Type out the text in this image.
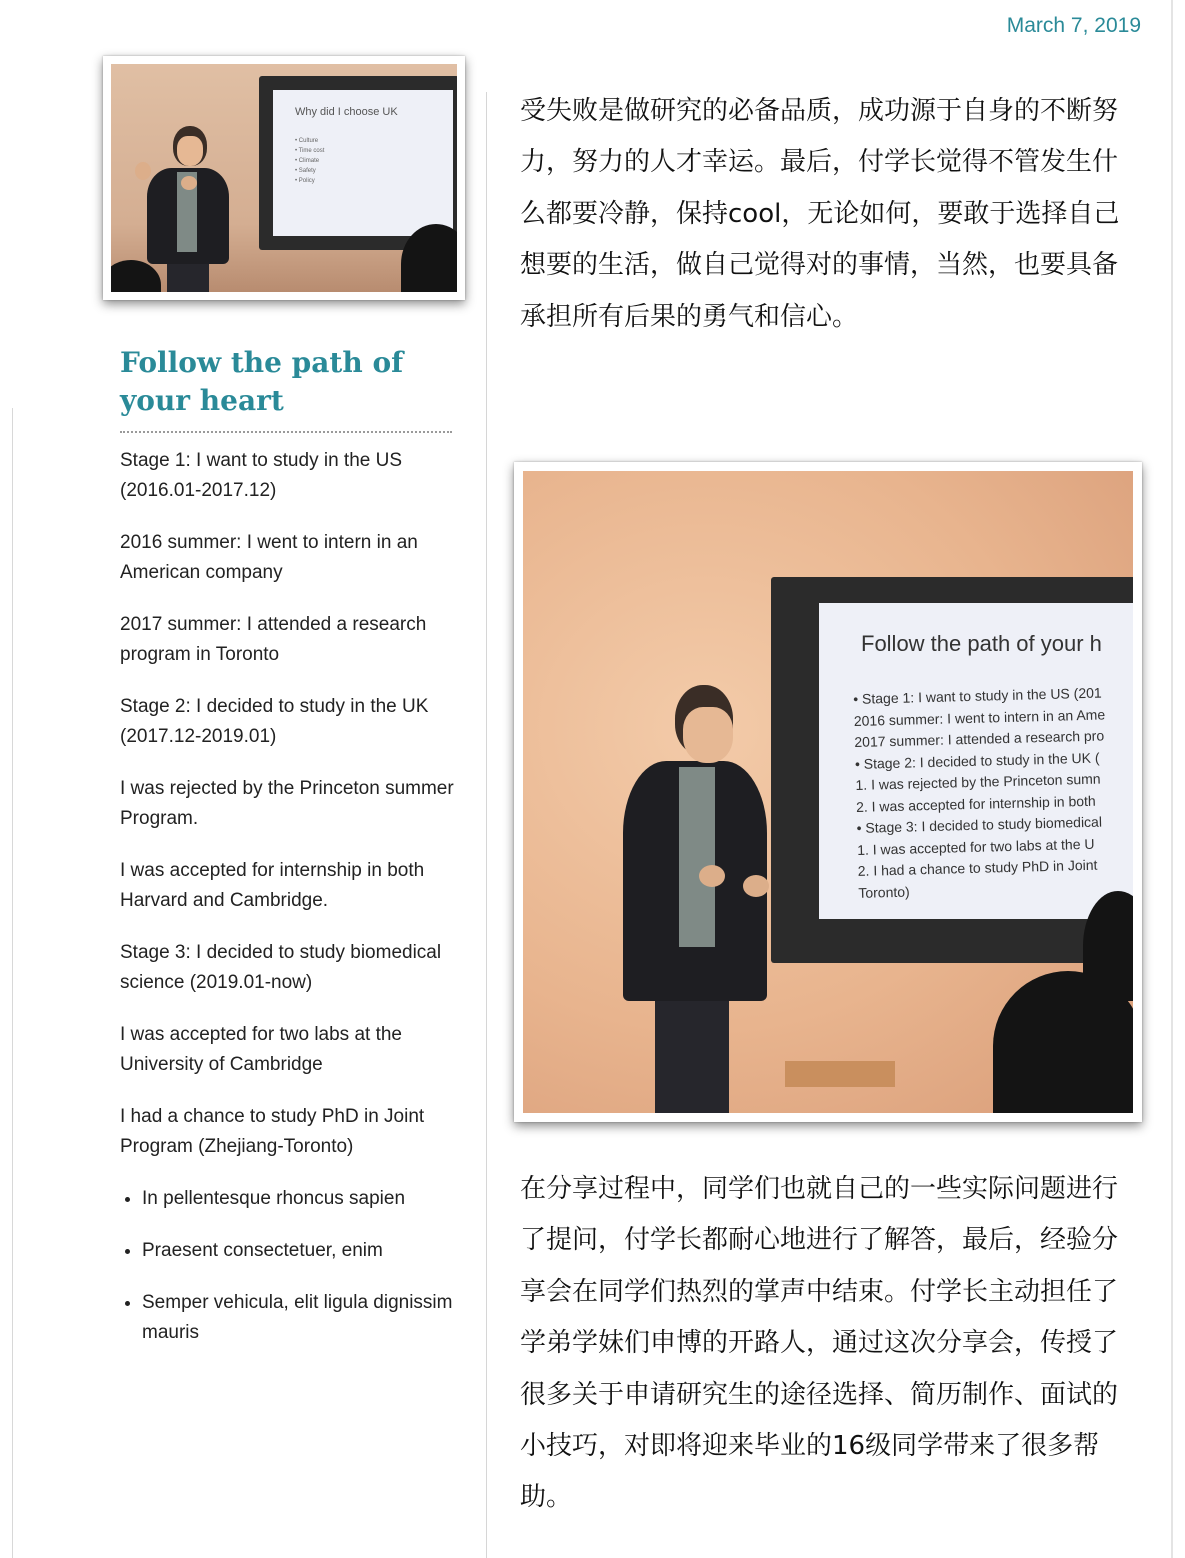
March 7, 2019
Why did I choose UK
• Culture
• Time cost
• Climate
• Safety
• Policy
Follow the path of your heart

Stage 1: I want to study in the US (2016.01-2017.12)

2016 summer: I went to intern in an American company

2017 summer: I attended a research program in Toronto

Stage 2: I decided to study in the UK (2017.12-2019.01)

I was rejected by the Princeton summer Program.

I was accepted for internship in both Harvard and Cambridge.

Stage 3: I decided to study biomedical science (2019.01-now)

I was accepted for two labs at the University of Cambridge

I had a chance to study PhD in Joint Program (Zhejiang-Toronto)

• In pellentesque rhoncus sapien
• Praesent consectetuer, enim
• Semper vehicula, elit ligula dignissim mauris

受失败是做研究的必备品质，成功源于自身的不断努力，努力的人才幸运。最后，付学长觉得不管发生什么都要冷静，保持cool，无论如何，要敢于选择自己想要的生活，做自己觉得对的事情，当然，也要具备承担所有后果的勇气和信心。

Follow the path of your h
• Stage 1: I want to study in the US (201
2016 summer: I went to intern in an Ame
2017 summer: I attended a research pro
• Stage 2: I decided to study in the UK (
1. I was rejected by the Princeton sumn
2. I was accepted for internship in both
• Stage 3: I decided to study biomedical
1. I was accepted for two labs at the U
2. I had a chance to study PhD in Joint
Toronto)

在分享过程中，同学们也就自己的一些实际问题进行了提问，付学长都耐心地进行了解答，最后，经验分享会在同学们热烈的掌声中结束。付学长主动担任了学弟学妹们申博的开路人，通过这次分享会，传授了很多关于申请研究生的途径选择、简历制作、面试的小技巧，对即将迎来毕业的16级同学带来了很多帮助。
